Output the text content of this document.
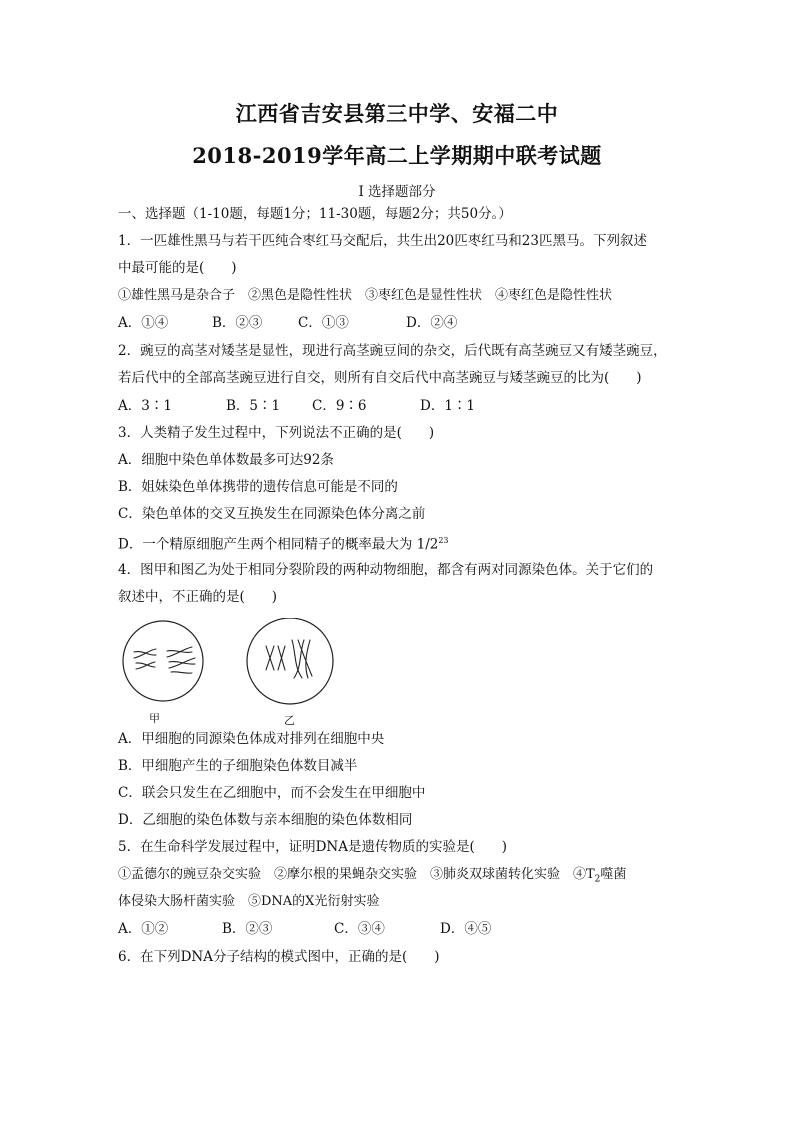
江西省吉安县第三中学、安福二中
2018-2019学年高二上学期期中联考试题
Ⅰ 选择题部分
一、选择题（1-10题，每题1分；11-30题，每题2分；共50分。）
1．一匹雄性黑马与若干匹纯合枣红马交配后，共生出20匹枣红马和23匹黑马。下列叙述
中最可能的是(　　)
①雄性黑马是杂合子　②黑色是隐性性状　③枣红色是显性性状　④枣红色是隐性性状
A．①④	B．②③	C．①③	D．②④
2．豌豆的高茎对矮茎是显性，现进行高茎豌豆间的杂交，后代既有高茎豌豆又有矮茎豌豆，
若后代中的全部高茎豌豆进行自交，则所有自交后代中高茎豌豆与矮茎豌豆的比为(　　)
A．3∶1	B．5∶1 C．9∶6	D．1∶1
3．人类精子发生过程中，下列说法不正确的是(　　)
A．细胞中染色单体数最多可达92条
B．姐妹染色单体携带的遗传信息可能是不同的
C．染色单体的交叉互换发生在同源染色体分离之前
D．一个精原细胞产生两个相同精子的概率最大为 $1/2^{23}$
4．图甲和图乙为处于相同分裂阶段的两种动物细胞，都含有两对同源染色体。关于它们的
叙述中，不正确的是(　　)
甲	乙
A．甲细胞的同源染色体成对排列在细胞中央
B．甲细胞产生的子细胞染色体数目减半
C．联会只发生在乙细胞中，而不会发生在甲细胞中
D．乙细胞的染色体数与亲本细胞的染色体数相同
5．在生命科学发展过程中，证明DNA是遗传物质的实验是(　　)
①孟德尔的豌豆杂交实验　②摩尔根的果蝇杂交实验　③肺炎双球菌转化实验　$④T_2$噬菌
体侵染大肠杆菌实验　⑤DNA的X光衍射实验
A．①②	B．②③	C．③④	D．④⑤
6．在下列DNA分子结构的模式图中，正确的是(　　)
